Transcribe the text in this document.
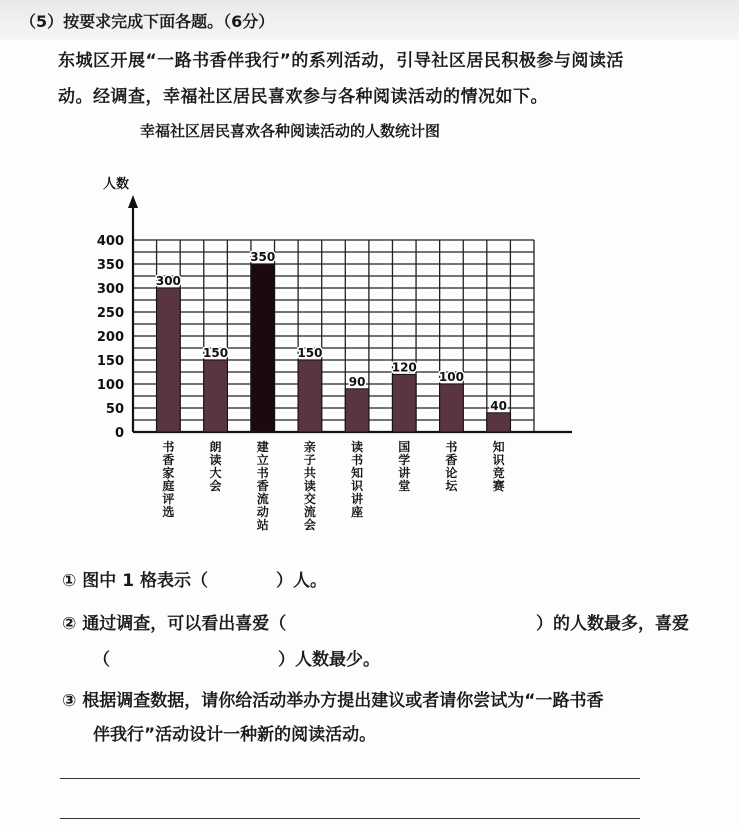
（5）按要求完成下面各题。（6分）
东城区开展“一路书香伴我行”的系列活动，引导社区居民积极参与阅读活
动。经调查，幸福社区居民喜欢参与各种阅读活动的情况如下。
幸福社区居民喜欢各种阅读活动的人数统计图
人数
0
50
100
150
200
250
300
350
400
300
书香家庭评选
150
朗读大会
350
建立书香流动站
150
亲子共读交流会
90
读书知识讲座
120
国学讲堂
100
书香论坛
40
知识竞赛
① 图中 1 格表示（　　　　）人。
② 通过调查，可以看出喜爱（	）的人数最多，喜爱
（	）人数最少。
③ 根据调查数据，请你给活动举办方提出建议或者请你尝试为“一路书香
伴我行”活动设计一种新的阅读活动。
